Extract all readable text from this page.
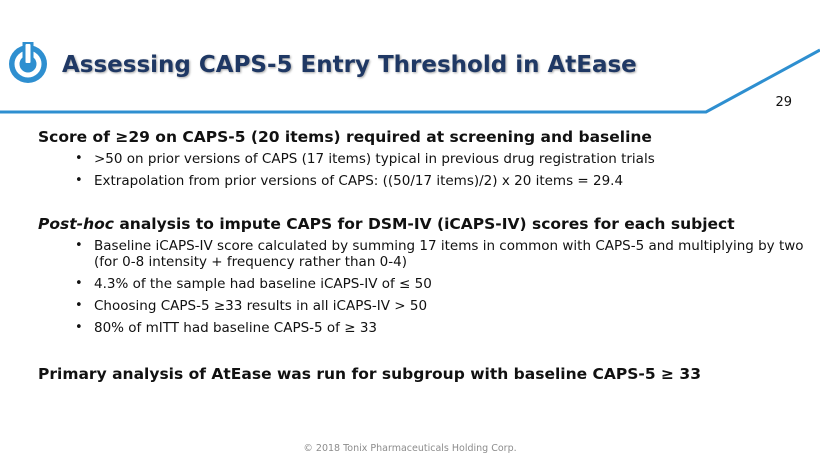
Assessing CAPS-5 Entry Threshold in AtEase
29

Score of ≥29 on CAPS-5 (20 items) required at screening and baseline

• >50 on prior versions of CAPS (17 items) typical in previous drug registration trials
• Extrapolation from prior versions of CAPS: ((50/17 items)/2) x 20 items = 29.4

Post-hoc analysis to impute CAPS for DSM-IV (iCAPS-IV) scores for each subject

• Baseline iCAPS-IV score calculated by summing 17 items in common with CAPS-5 and multiplying by two (for 0-8 intensity + frequency rather than 0-4)
• 4.3% of the sample had baseline iCAPS-IV of ≤ 50
• Choosing CAPS-5 ≥33 results in all iCAPS-IV > 50
• 80% of mITT had baseline CAPS-5 of ≥ 33

Primary analysis of AtEase was run for subgroup with baseline CAPS-5 ≥ 33

© 2018 Tonix Pharmaceuticals Holding Corp.
